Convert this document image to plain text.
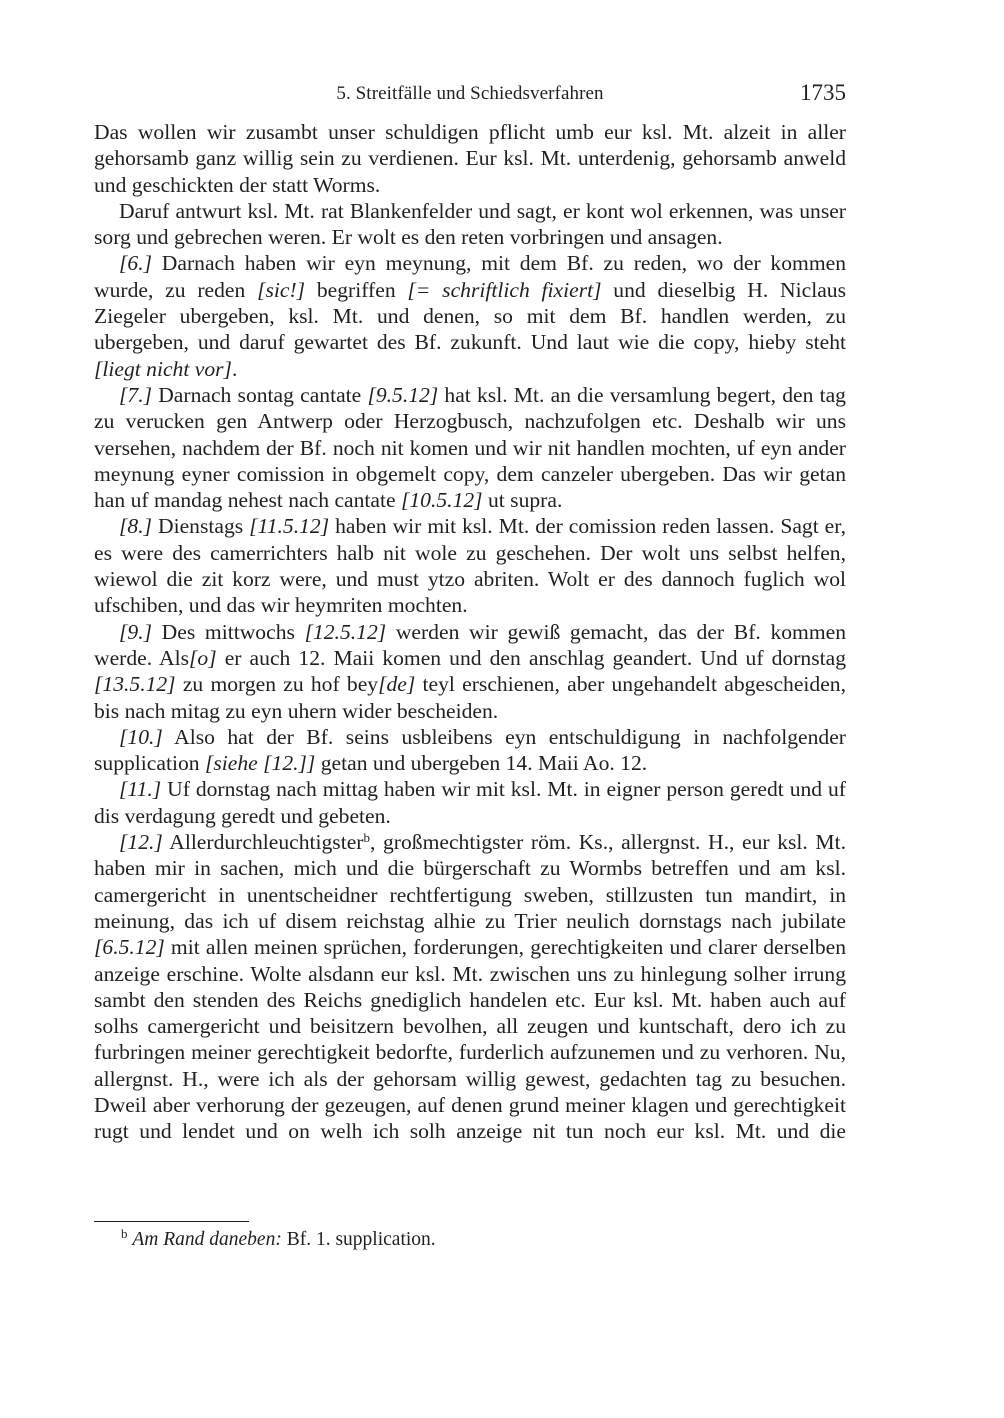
5. Streitfälle und Schiedsverfahren	1735

Das wollen wir zusambt unser schuldigen pflicht umb eur ksl. Mt. alzeit in aller gehorsamb ganz willig sein zu verdienen. Eur ksl. Mt. unterdenig, gehorsamb anweld und geschickten der statt Worms.

Daruf antwurt ksl. Mt. rat Blankenfelder und sagt, er kont wol erkennen, was unser sorg und gebrechen weren. Er wolt es den reten vorbringen und ansagen.

[6.] Darnach haben wir eyn meynung, mit dem Bf. zu reden, wo der kommen wurde, zu reden [sic!] begriffen [= schriftlich fixiert] und dieselbig H. Niclaus Ziegeler ubergeben, ksl. Mt. und denen, so mit dem Bf. handlen werden, zu ubergeben, und daruf gewartet des Bf. zukunft. Und laut wie die copy, hieby steht [liegt nicht vor].

[7.] Darnach sontag cantate [9.5.12] hat ksl. Mt. an die versamlung begert, den tag zu verucken gen Antwerp oder Herzogbusch, nachzufolgen etc. Deshalb wir uns versehen, nachdem der Bf. noch nit komen und wir nit handlen mochten, uf eyn ander meynung eyner comission in obgemelt copy, dem canzeler ubergeben. Das wir getan han uf mandag nehest nach cantate [10.5.12] ut supra.

[8.] Dienstags [11.5.12] haben wir mit ksl. Mt. der comission reden lassen. Sagt er, es were des camerrichters halb nit wole zu geschehen. Der wolt uns selbst helfen, wiewol die zit korz were, und must ytzo abriten. Wolt er des dannoch fuglich wol ufschiben, und das wir heymriten mochten.

[9.] Des mittwochs [12.5.12] werden wir gewiß gemacht, das der Bf. kommen werde. Als[o] er auch 12. Maii komen und den anschlag geandert. Und uf dornstag [13.5.12] zu morgen zu hof bey[de] teyl erschienen, aber ungehandelt abgescheiden, bis nach mitag zu eyn uhern wider bescheiden.

[10.] Also hat der Bf. seins usbleibens eyn entschuldigung in nachfolgender supplication [siehe [12.]] getan und ubergeben 14. Maii Ao. 12.

[11.] Uf dornstag nach mittag haben wir mit ksl. Mt. in eigner person geredt und uf dis verdagung geredt und gebeten.

[12.] Allerdurchleuchtigster$^b$, großmechtigster röm. Ks., allergnst. H., eur ksl. Mt. haben mir in sachen, mich und die bürgerschaft zu Wormbs betreffen und am ksl. camergericht in unentscheidner rechtfertigung sweben, stillzusten tun mandirt, in meinung, das ich uf disem reichstag alhie zu Trier neulich dornstags nach jubilate [6.5.12] mit allen meinen sprüchen, forderungen, gerechtigkeiten und clarer derselben anzeige erschine. Wolte alsdann eur ksl. Mt. zwischen uns zu hinlegung solher irrung sambt den stenden des Reichs gnediglich handelen etc. Eur ksl. Mt. haben auch auf solhs camergericht und beisitzern bevolhen, all zeugen und kuntschaft, dero ich zu furbringen meiner gerechtigkeit bedorfte, furderlich aufzunemen und zu verhoren. Nu, allergnst. H., were ich als der gehorsam willig gewest, gedachten tag zu besuchen. Dweil aber verhorung der gezeugen, auf denen grund meiner klagen und gerechtigkeit rugt und lendet und on welh ich solh anzeige nit tun noch eur ksl. Mt. und die

$^b$ Am Rand daneben: Bf. 1. supplication.
